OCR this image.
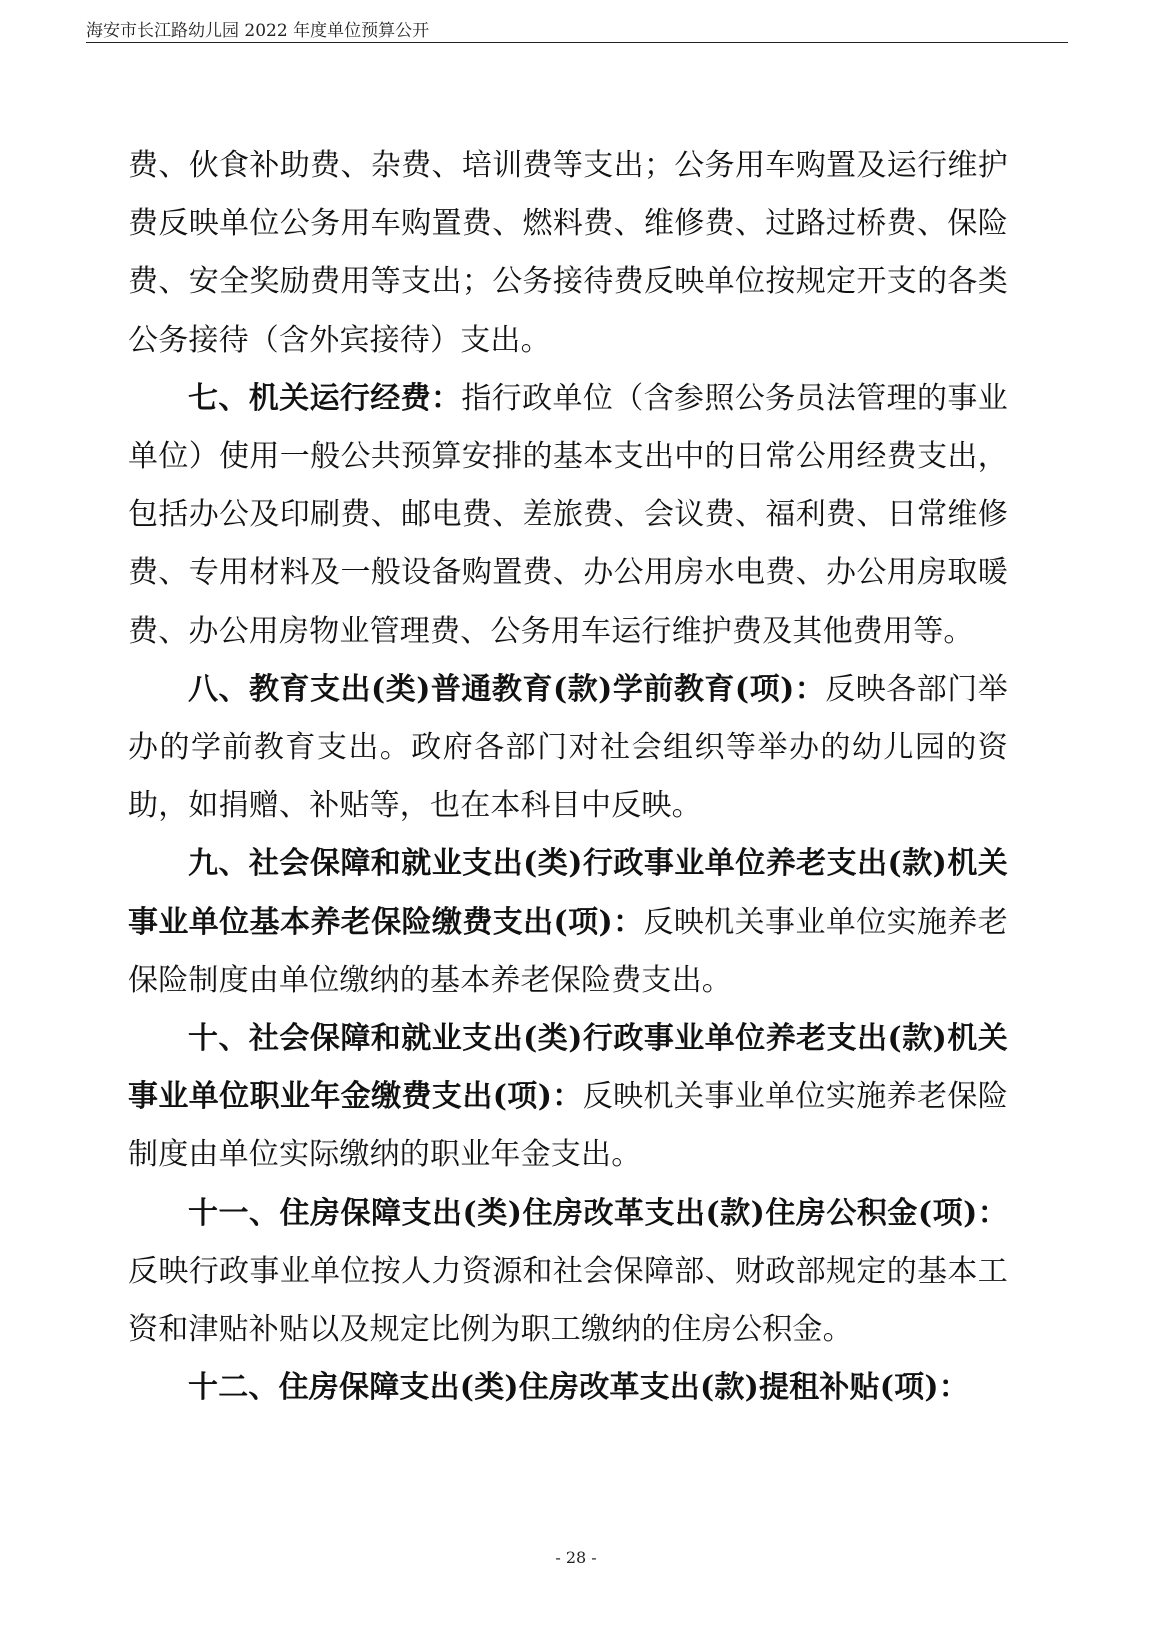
海安市长江路幼儿园 2022 年度单位预算公开

费、伙食补助费、杂费、培训费等支出；公务用车购置及运行维护费反映单位公务用车购置费、燃料费、维修费、过路过桥费、保险费、安全奖励费用等支出；公务接待费反映单位按规定开支的各类公务接待（含外宾接待）支出。

七、机关运行经费：指行政单位（含参照公务员法管理的事业单位）使用一般公共预算安排的基本支出中的日常公用经费支出，包括办公及印刷费、邮电费、差旅费、会议费、福利费、日常维修费、专用材料及一般设备购置费、办公用房水电费、办公用房取暖费、办公用房物业管理费、公务用车运行维护费及其他费用等。

八、教育支出(类)普通教育(款)学前教育(项)：反映各部门举办的学前教育支出。政府各部门对社会组织等举办的幼儿园的资助，如捐赠、补贴等，也在本科目中反映。

九、社会保障和就业支出(类)行政事业单位养老支出(款)机关事业单位基本养老保险缴费支出(项)：反映机关事业单位实施养老保险制度由单位缴纳的基本养老保险费支出。

十、社会保障和就业支出(类)行政事业单位养老支出(款)机关事业单位职业年金缴费支出(项)：反映机关事业单位实施养老保险制度由单位实际缴纳的职业年金支出。

十一、住房保障支出(类)住房改革支出(款)住房公积金(项)：反映行政事业单位按人力资源和社会保障部、财政部规定的基本工资和津贴补贴以及规定比例为职工缴纳的住房公积金。

十二、住房保障支出(类)住房改革支出(款)提租补贴(项)：

- 28 -
